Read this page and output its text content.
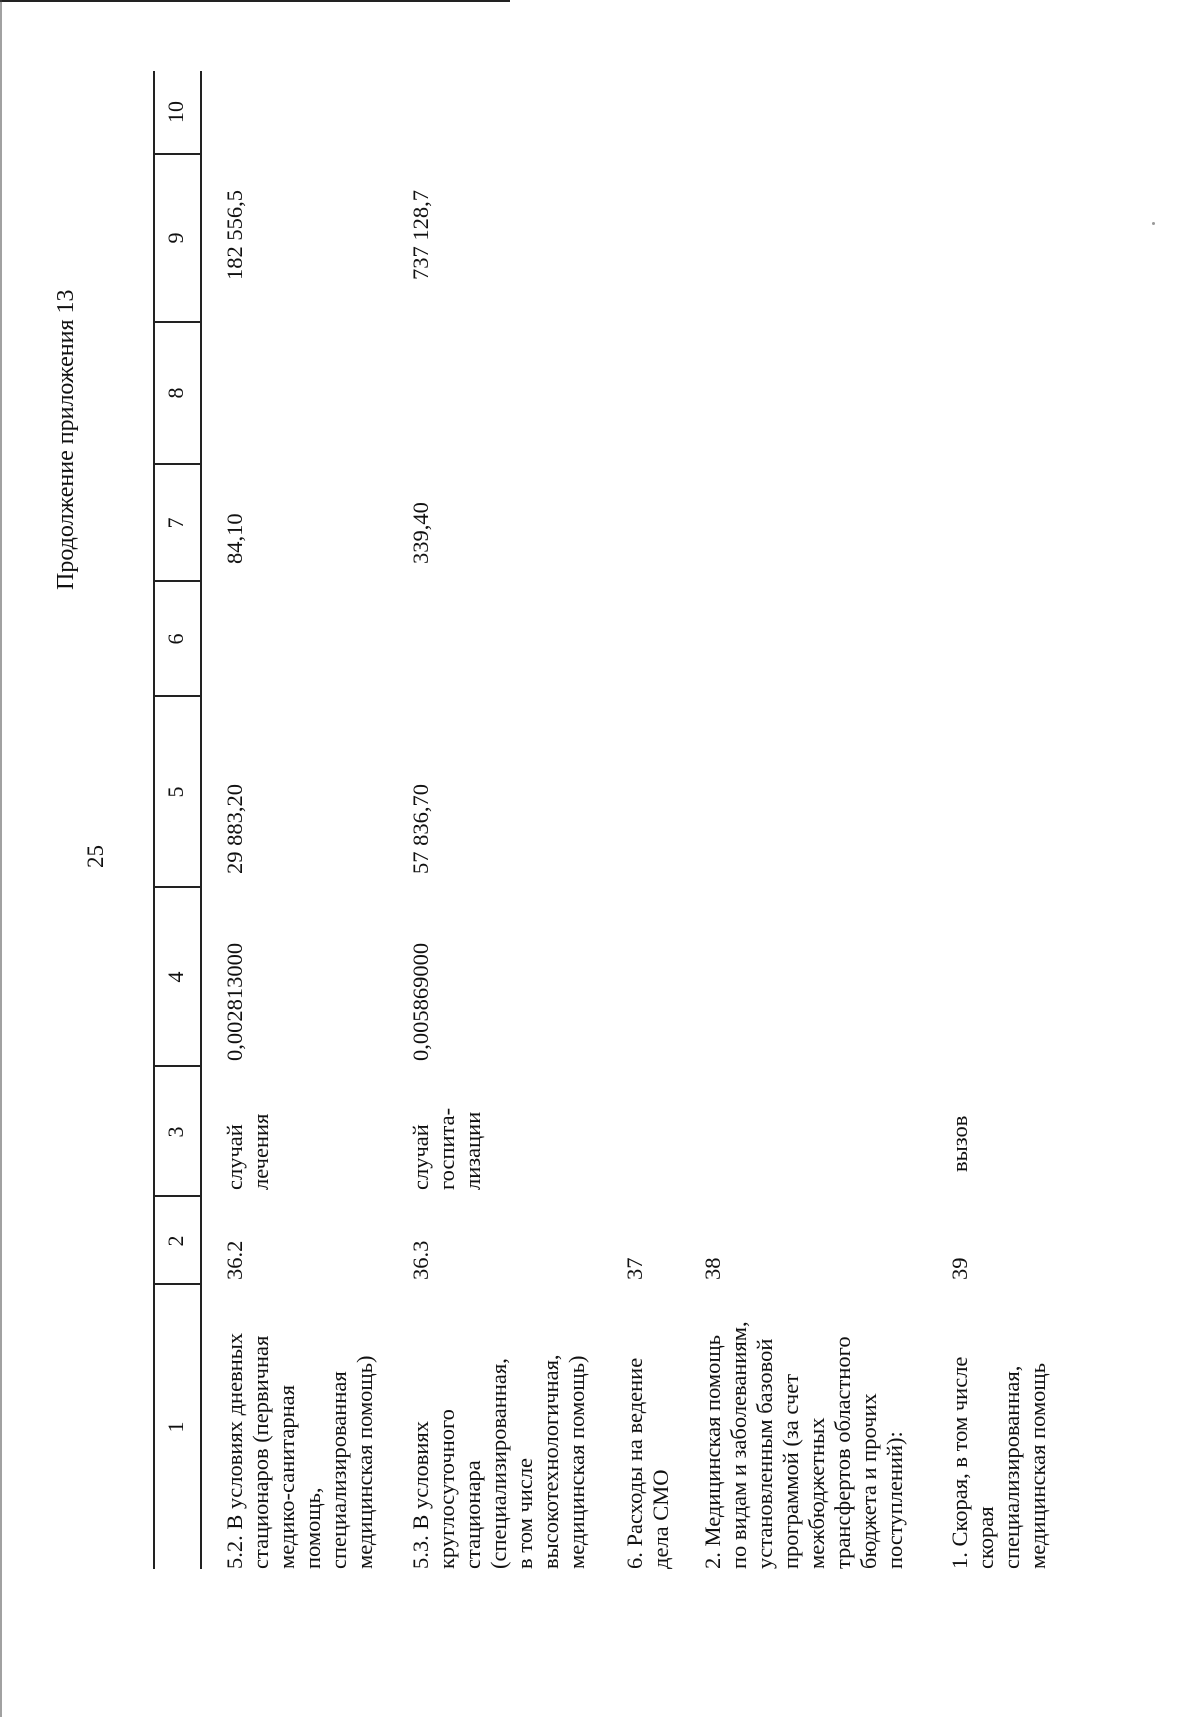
25
Продолжение приложения 13
1
2
3
4
5
6
7
8
9
10
5.2. В условиях дневных
стационаров (первичная
медико-санитарная
помощь,
специализированная
медицинская помощь)
36.2
случай
лечения
0,002813000
29 883,20
84,10
182 556,5
5.3. В условиях
круглосуточного
стационара
(специализированная,
в том числе
высокотехнологичная,
медицинская помощь)
36.3
случай
госпита-
лизации
0,005869000
57 836,70
339,40
737 128,7
6. Расходы на ведение
дела СМО
37
2. Медицинская помощь
по видам и заболеваниям,
установленным базовой
программой (за счет
межбюджетных
трансфертов областного
бюджета и прочих
поступлений):
38
1. Скорая, в том числе
скорая
специализированная,
медицинская помощь
39
вызов
